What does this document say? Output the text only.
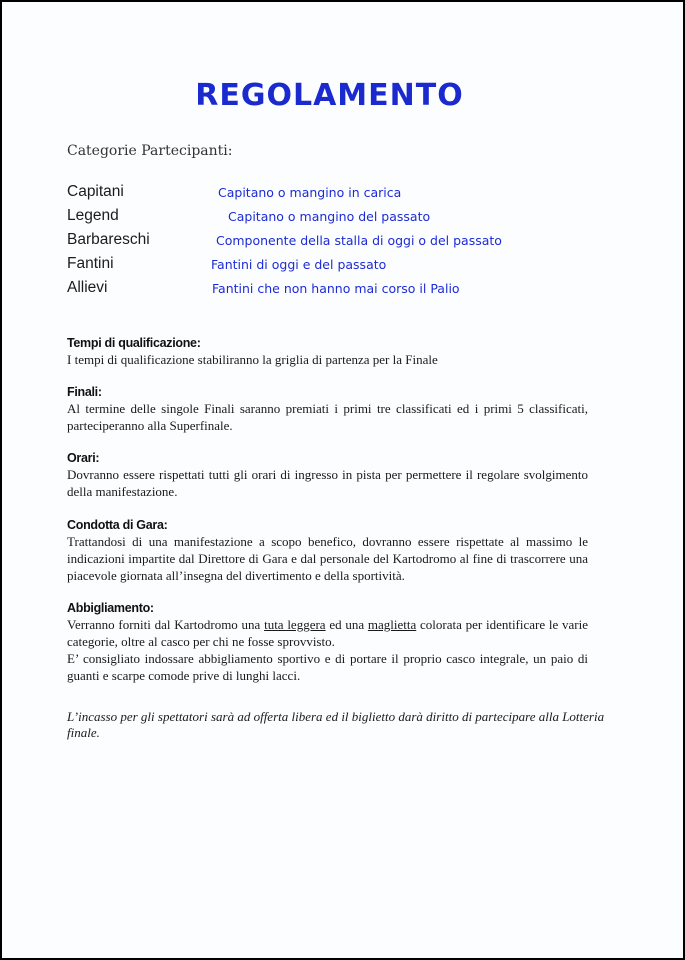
REGOLAMENTO

Categorie Partecipanti:

Capitani	Capitano o mangino in carica
Legend	Capitano o mangino del passato
Barbareschi	Componente della stalla di oggi o del passato
Fantini	Fantini di oggi e del passato
Allievi	Fantini che non hanno mai corso il Palio

Tempi di qualificazione:

I tempi di qualificazione stabiliranno la griglia di partenza per la Finale

Finali:

Al termine delle singole Finali saranno premiati i primi tre classificati ed i primi 5 classificati, parteciperanno alla Superfinale.

Orari:

Dovranno essere rispettati tutti gli orari di ingresso in pista per permettere il regolare svolgimento della manifestazione.

Condotta di Gara:

Trattandosi di una manifestazione a scopo benefico, dovranno essere rispettate al massimo le indicazioni impartite dal Direttore di Gara e dal personale del Kartodromo al fine di trascorrere una piacevole giornata all’insegna del divertimento e della sportività.

Abbigliamento:

Verranno forniti dal Kartodromo una tuta leggera ed una maglietta colorata per identificare le varie categorie, oltre al casco per chi ne fosse sprovvisto.

E’ consigliato indossare abbigliamento sportivo e di portare il proprio casco integrale, un paio di guanti e scarpe comode prive di lunghi lacci.

L’incasso per gli spettatori sarà ad offerta libera ed il biglietto darà diritto di partecipare alla Lotteria finale.
